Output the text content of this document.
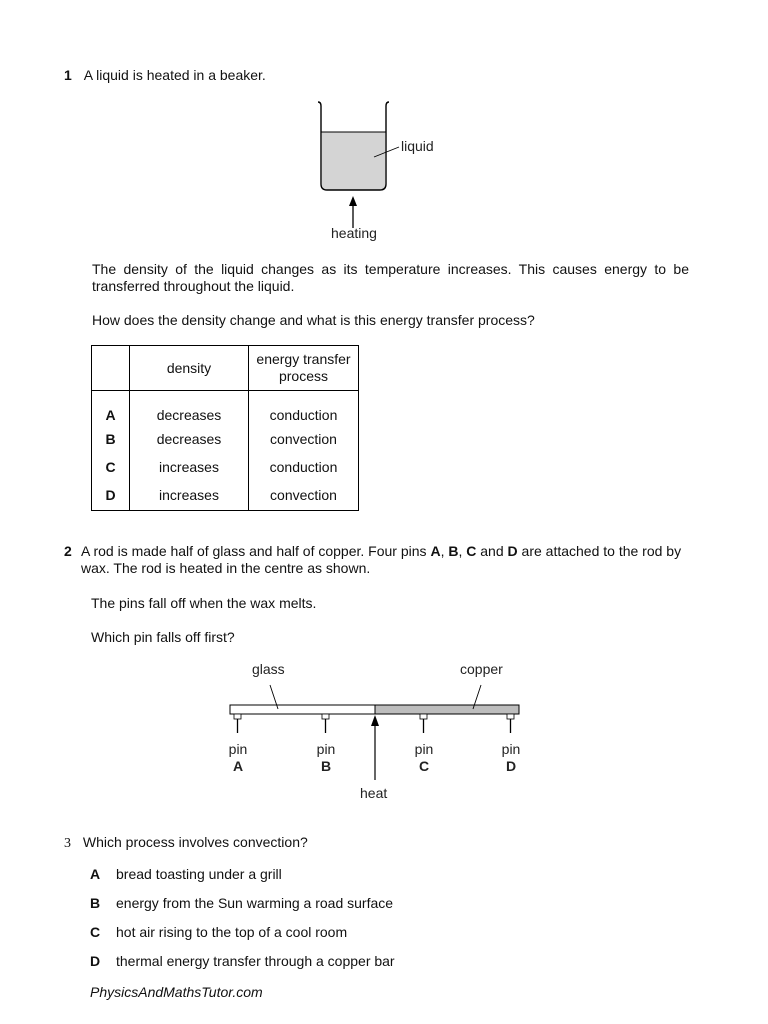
1 A liquid is heated in a beaker.
liquid
heating
The density of the liquid changes as its temperature increases. This causes energy to be transferred throughout the liquid.
How does the density change and what is this energy transfer process?
	density	energy transfer process
A	decreases	conduction
B	decreases	convection
C	increases	conduction
D	increases	convection
2 A rod is made half of glass and half of copper. Four pins A, B, C and D are attached to the rod by wax. The rod is heated in the centre as shown.
The pins fall off when the wax melts.
Which pin falls off first?
glass	copper
pin
A
pin
B
pin
C
pin
D
heat
3 Which process involves convection?
A bread toasting under a grill
B energy from the Sun warming a road surface
C hot air rising to the top of a cool room
D thermal energy transfer through a copper bar
PhysicsAndMathsTutor.com
